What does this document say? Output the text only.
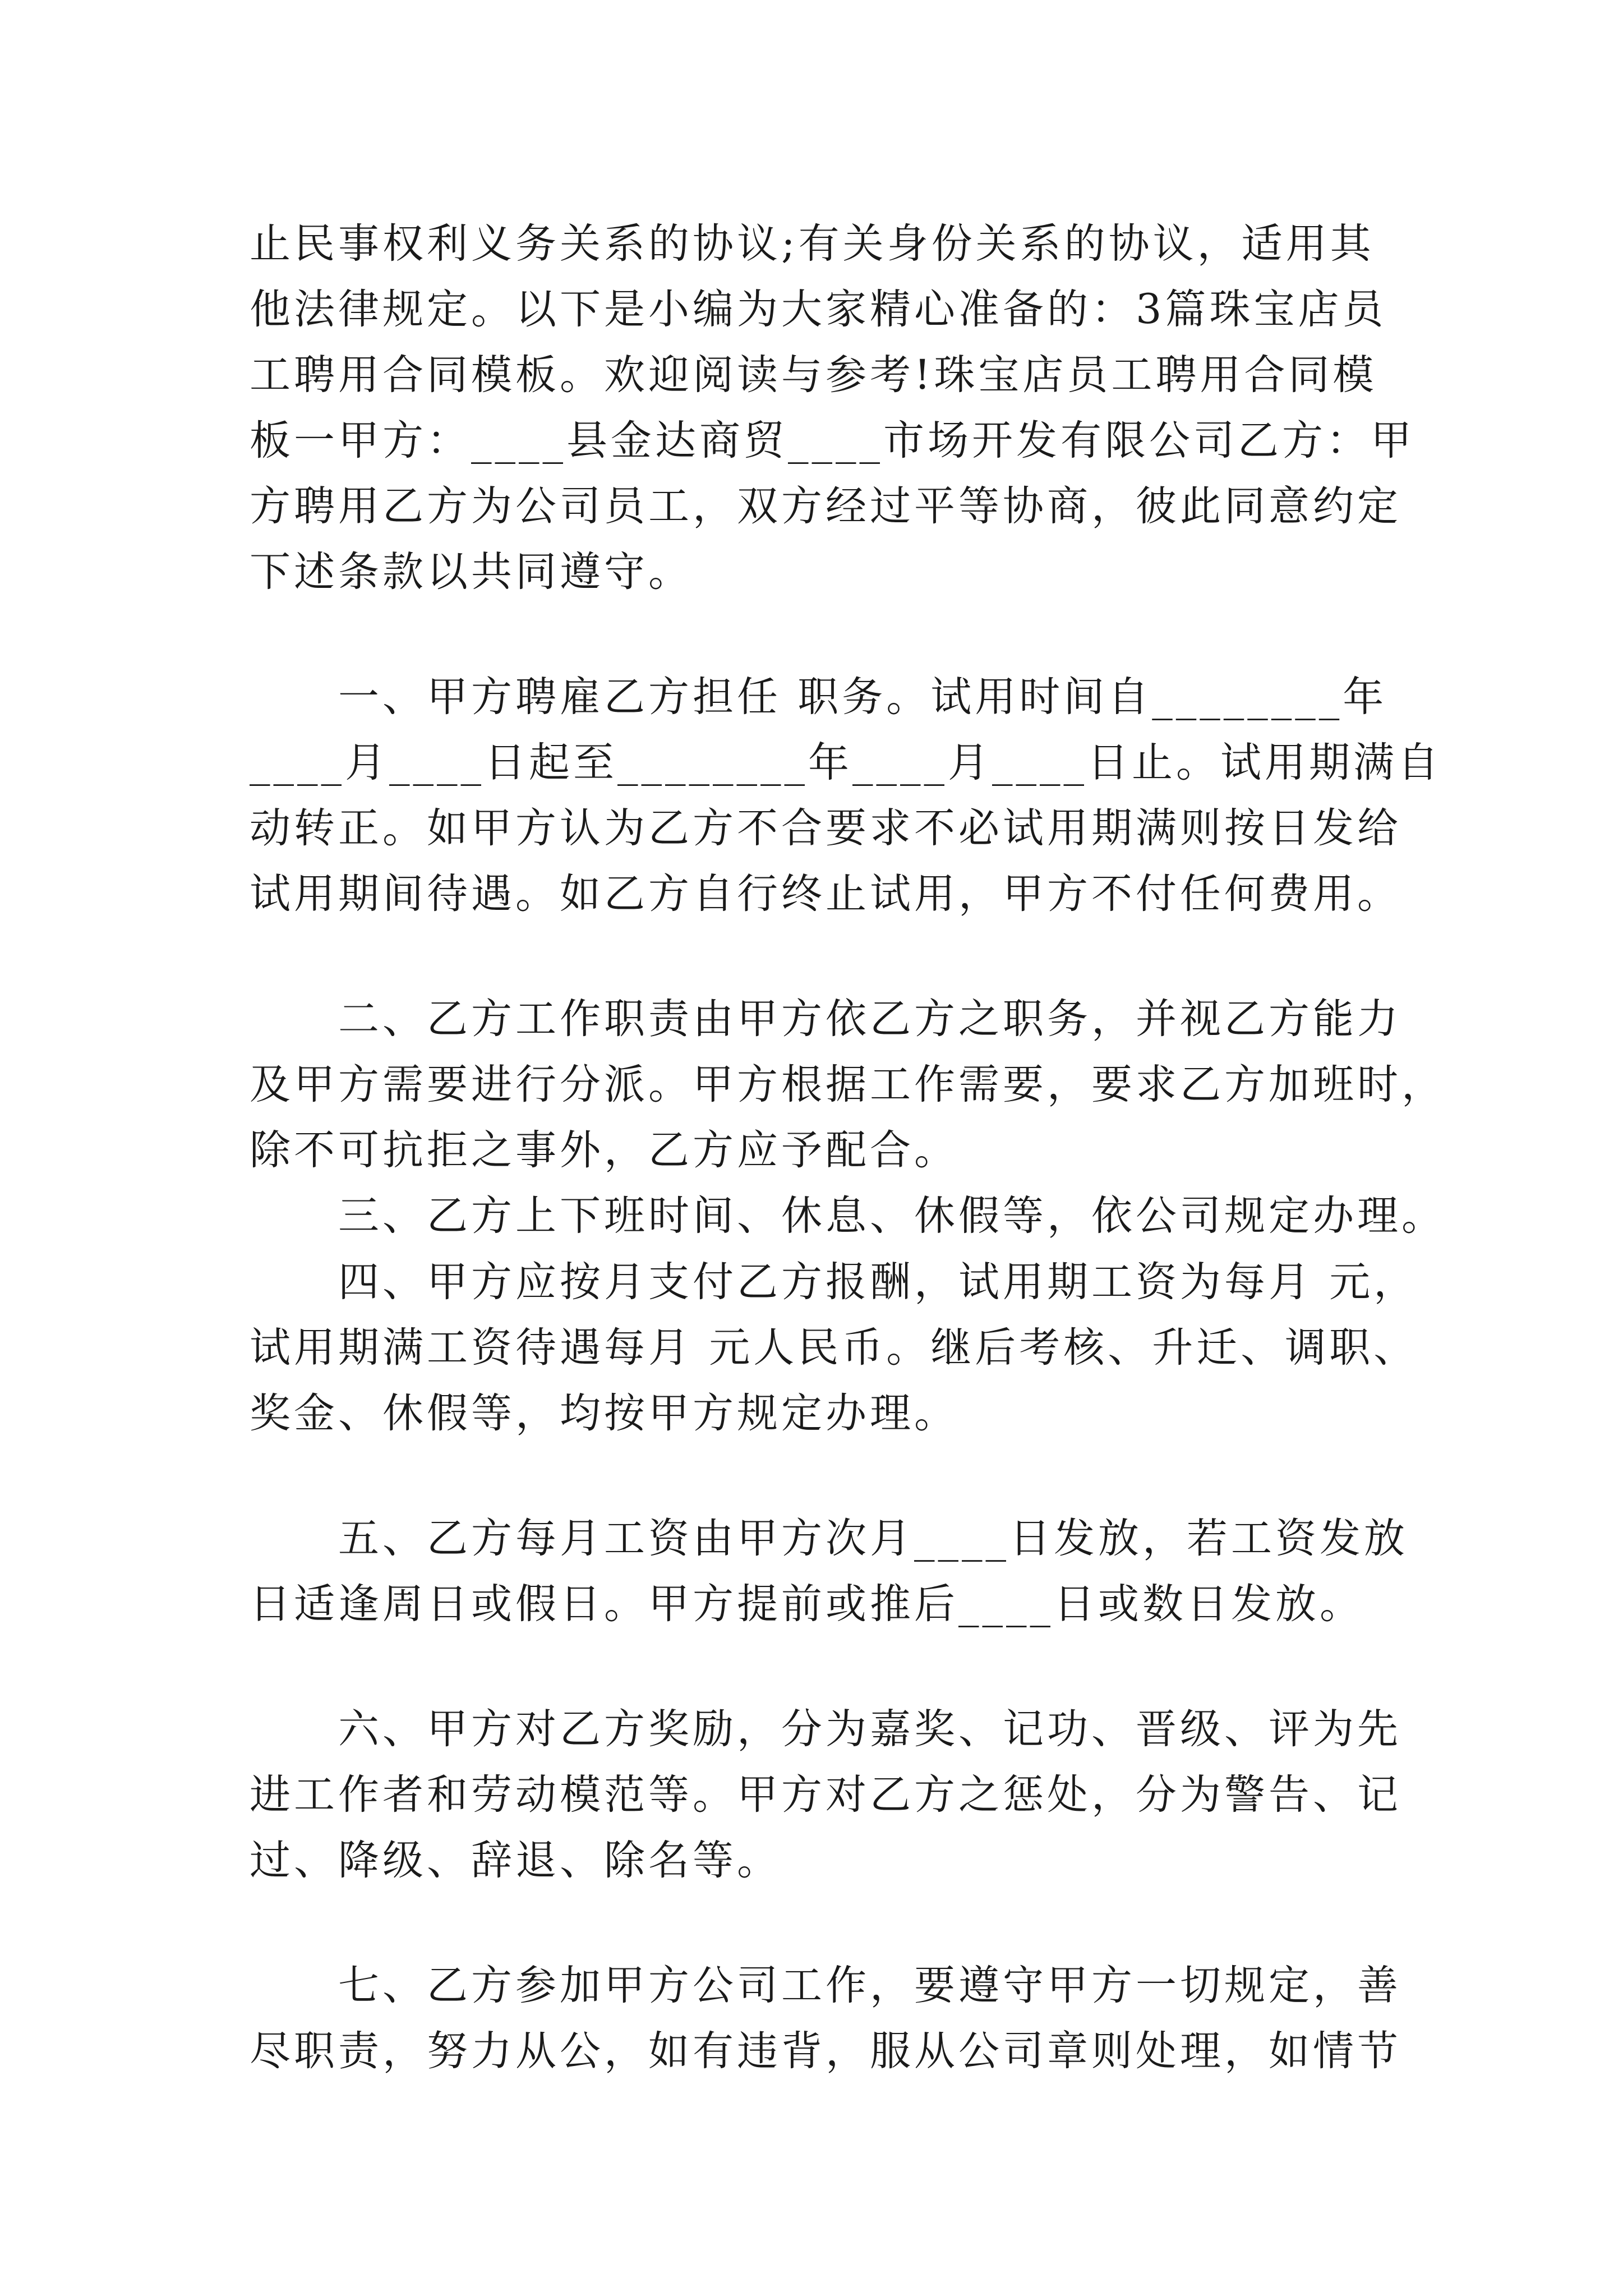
止民事权利义务关系的协议;有关身份关系的协议，适用其
他法律规定。以下是小编为大家精心准备的：3篇珠宝店员
工聘用合同模板。欢迎阅读与参考!珠宝店员工聘用合同模
板一甲方：____县金达商贸____市场开发有限公司乙方：甲
方聘用乙方为公司员工，双方经过平等协商，彼此同意约定
下述条款以共同遵守。
　　一、甲方聘雇乙方担任 职务。试用时间自________年
____月____日起至________年____月____日止。试用期满自
动转正。如甲方认为乙方不合要求不必试用期满则按日发给
试用期间待遇。如乙方自行终止试用，甲方不付任何费用。
　　二、乙方工作职责由甲方依乙方之职务，并视乙方能力
及甲方需要进行分派。甲方根据工作需要，要求乙方加班时，
除不可抗拒之事外，乙方应予配合。
　　三、乙方上下班时间、休息、休假等，依公司规定办理。
　　四、甲方应按月支付乙方报酬，试用期工资为每月 元，
试用期满工资待遇每月 元人民币。继后考核、升迁、调职、
奖金、休假等，均按甲方规定办理。
　　五、乙方每月工资由甲方次月____日发放，若工资发放
日适逢周日或假日。甲方提前或推后____日或数日发放。
　　六、甲方对乙方奖励，分为嘉奖、记功、晋级、评为先
进工作者和劳动模范等。甲方对乙方之惩处，分为警告、记
过、降级、辞退、除名等。
　　七、乙方参加甲方公司工作，要遵守甲方一切规定，善
尽职责，努力从公，如有违背，服从公司章则处理，如情节
